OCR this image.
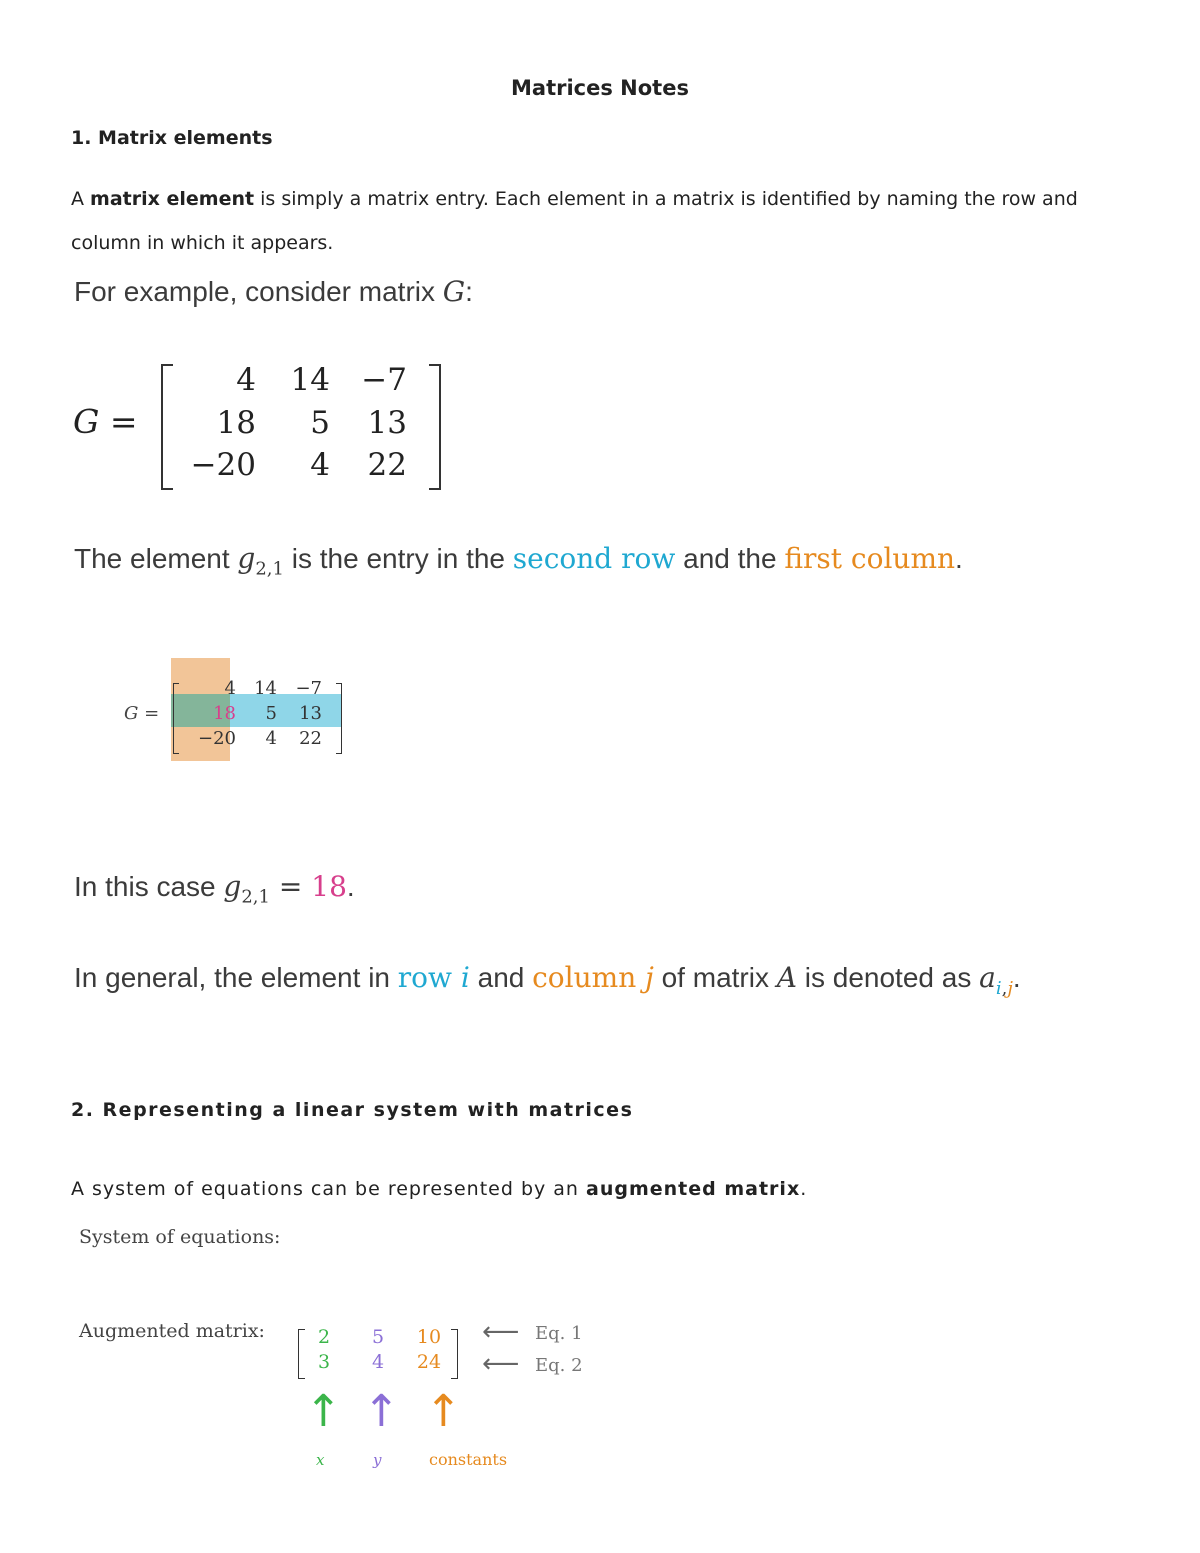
Matrices Notes
1. Matrix elements
A matrix element is simply a matrix entry. Each element in a matrix is identified by naming the row and
column in which it appears.
For example, consider matrix G:
G =
4	14	−7
18	5	13
−20	4	22
The element $g_{2,1}$ is the entry in the second row and the first column.
G =
4	14	−7
18	5	13
−20	4	22
In this case $g_{2,1} = 18$.
In general, the element in row i and column j of matrix A is denoted as $a_{i,j}$.
2. Representing a linear system with matrices
A system of equations can be represented by an augmented matrix.
System of equations:
Augmented matrix:	2	5	10
3	4	24
⟵ Eq. 1
⟵ Eq. 2
↑ ↑ ↑
x	y	constants
